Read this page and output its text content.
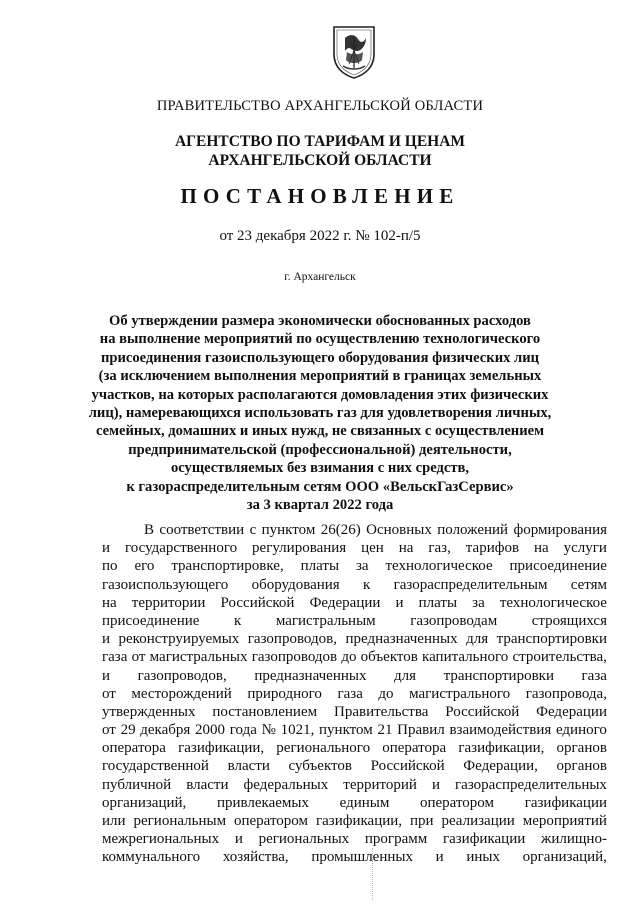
ПРАВИТЕЛЬСТВО АРХАНГЕЛЬСКОЙ ОБЛАСТИ
АГЕНТСТВО ПО ТАРИФАМ И ЦЕНАМ
АРХАНГЕЛЬСКОЙ ОБЛАСТИ
ПОСТАНОВЛЕНИЕ
от 23 декабря 2022 г. № 102-п/5
г. Архангельск
Об утверждении размера экономически обоснованных расходов
на выполнение мероприятий по осуществлению технологического
присоединения газоиспользующего оборудования физических лиц
(за исключением выполнения мероприятий в границах земельных
участков, на которых располагаются домовладения этих физических
лиц), намеревающихся использовать газ для удовлетворения личных,
семейных, домашних и иных нужд, не связанных с осуществлением
предпринимательской (профессиональной) деятельности,
осуществляемых без взимания с них средств,
к газораспределительным сетям ООО «ВельскГазСервис»
за 3 квартал 2022 года
В соответствии с пунктом 26(26) Основных положений формирования
и государственного регулирования цен на газ, тарифов на услуги
по его транспортировке, платы за технологическое присоединение
газоиспользующего оборудования к газораспределительным сетям
на территории Российской Федерации и платы за технологическое
присоединение к магистральным газопроводам строящихся
и реконструируемых газопроводов, предназначенных для транспортировки
газа от магистральных газопроводов до объектов капитального строительства,
и газопроводов, предназначенных для транспортировки газа
от месторождений природного газа до магистрального газопровода,
утвержденных постановлением Правительства Российской Федерации
от 29 декабря 2000 года № 1021, пунктом 21 Правил взаимодействия единого
оператора газификации, регионального оператора газификации, органов
государственной власти субъектов Российской Федерации, органов
публичной власти федеральных территорий и газораспределительных
организаций, привлекаемых единым оператором газификации
или региональным оператором газификации, при реализации мероприятий
межрегиональных и региональных программ газификации жилищно-
коммунального хозяйства, промышленных и иных организаций,
